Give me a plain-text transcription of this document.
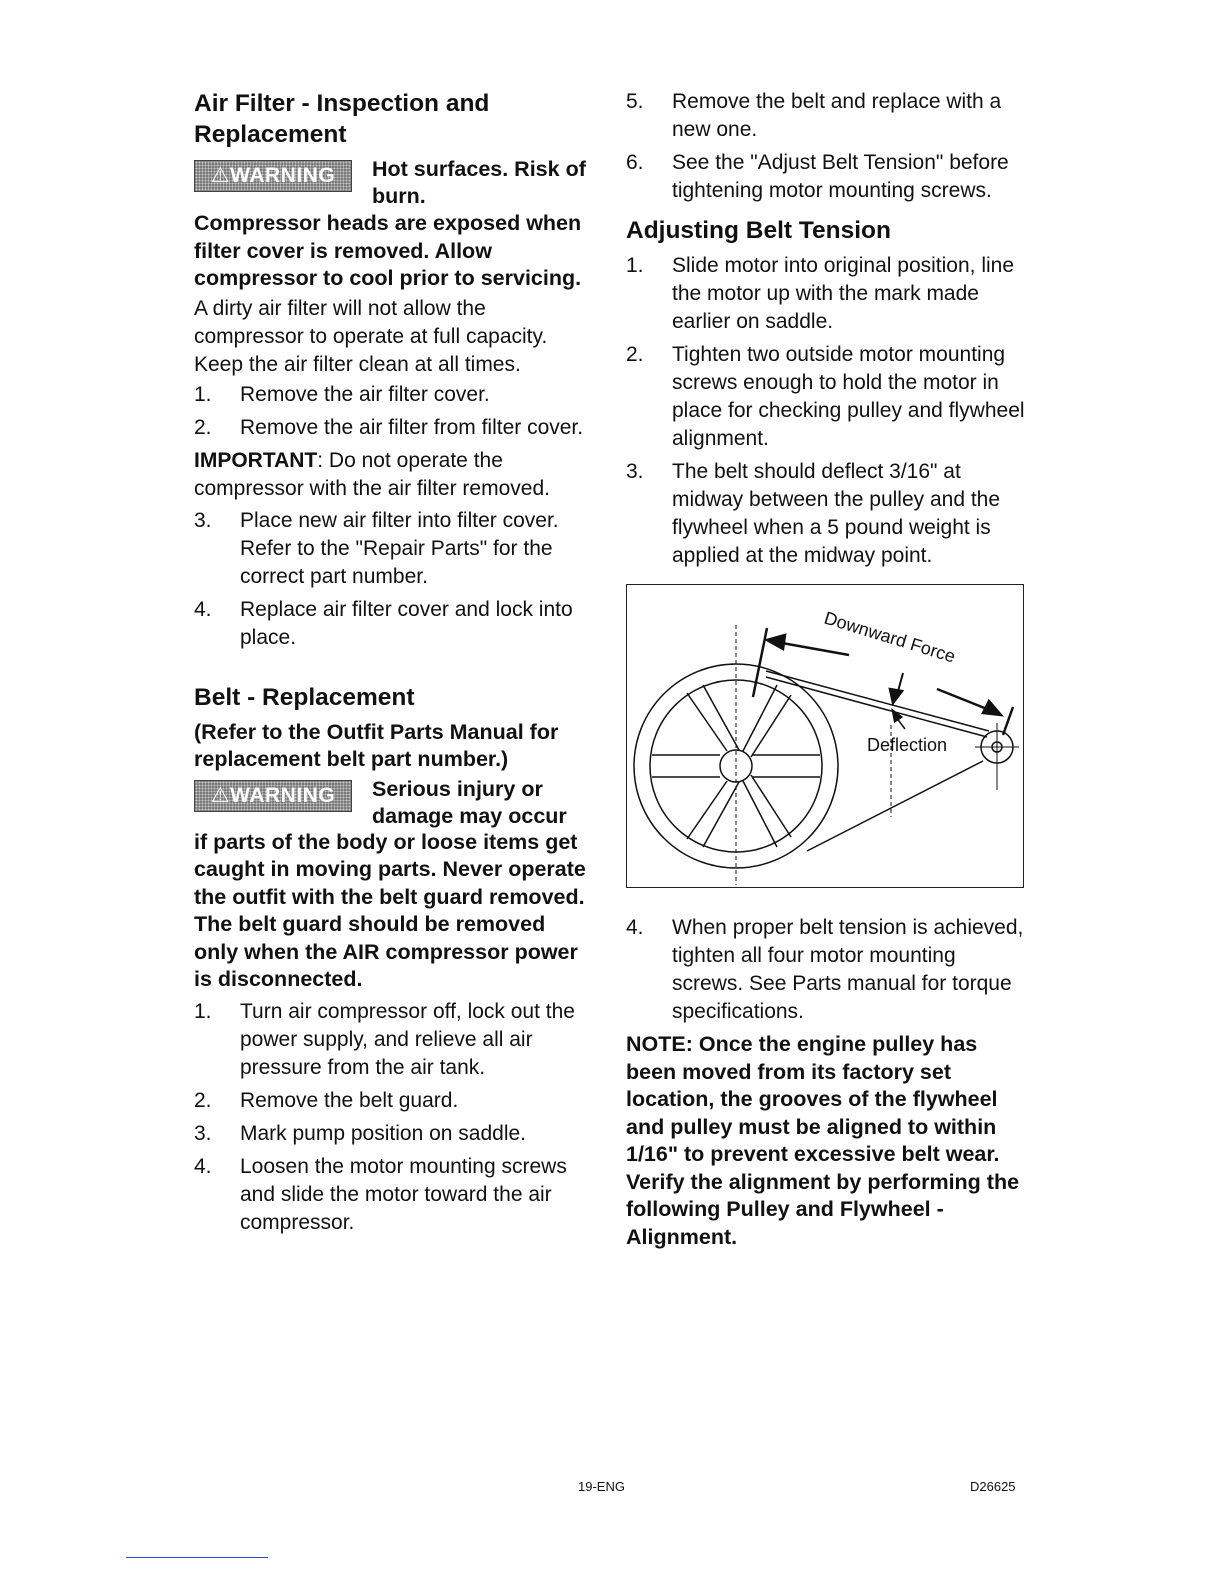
Air Filter - Inspection and Replacement
⚠WARNING	Hot surfaces. Risk of burn.

Compressor heads are exposed when filter cover is removed. Allow compressor to cool prior to servicing.

A dirty air filter will not allow the compressor to operate at full capacity. Keep the air filter clean at all times.

1.	Remove the air filter cover.
2.	Remove the air filter from filter cover.

IMPORTANT: Do not operate the compressor with the air filter removed.

3.	Place new air filter into filter cover. Refer to the "Repair Parts" for the correct part number.
4.	Replace air filter cover and lock into place.
Belt - Replacement

(Refer to the Outfit Parts Manual for replacement belt part number.)

⚠WARNING	Serious injury or damage may occur

if parts of the body or loose items get caught in moving parts. Never operate the outfit with the belt guard removed. The belt guard should be removed only when the AIR compressor power is disconnected.

1.	Turn air compressor off, lock out the power supply, and relieve all air pressure from the air tank.
2.	Remove the belt guard.
3.	Mark pump position on saddle.
4.	Loosen the motor mounting screws and slide the motor toward the air compressor.
5.	Remove the belt and replace with a new one.
6.	See the "Adjust Belt Tension" before tightening motor mounting screws.
Adjusting Belt Tension
1.	Slide motor into original position, line the motor up with the mark made earlier on saddle.
2.	Tighten two outside motor mounting screws enough to hold the motor in place for checking pulley and flywheel alignment.
3.	The belt should deflect 3/16" at midway between the pulley and the flywheel when a 5 pound weight is applied at the midway point.
Downward Force
Deflection
4.	When proper belt tension is achieved, tighten all four motor mounting screws. See Parts manual for torque specifications.

NOTE: Once the engine pulley has been moved from its factory set location, the grooves of the flywheel and pulley must be aligned to within 1/16" to prevent excessive belt wear. Verify the alignment by performing the following Pulley and Flywheel - Alignment.

19-ENG	D26625
